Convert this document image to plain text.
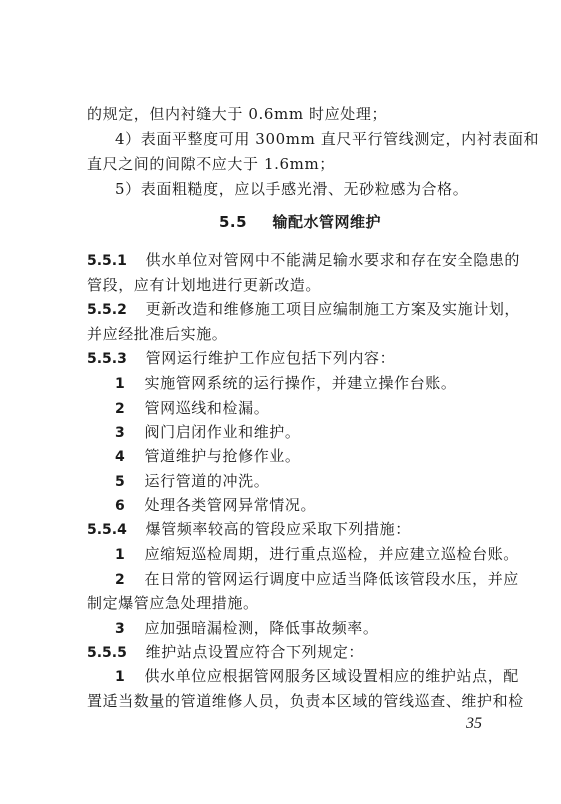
的规定，但内衬缝大于 0.6mm 时应处理；
4）表面平整度可用 300mm 直尺平行管线测定，内衬表面和
直尺之间的间隙不应大于 1.6mm；
5）表面粗糙度，应以手感光滑、无砂粒感为合格。
5.5 输配水管网维护
5.5.1 供水单位对管网中不能满足输水要求和存在安全隐患的
管段，应有计划地进行更新改造。
5.5.2 更新改造和维修施工项目应编制施工方案及实施计划，
并应经批准后实施。
5.5.3 管网运行维护工作应包括下列内容：
1 实施管网系统的运行操作，并建立操作台账。
2 管网巡线和检漏。
3 阀门启闭作业和维护。
4 管道维护与抢修作业。
5 运行管道的冲洗。
6 处理各类管网异常情况。
5.5.4 爆管频率较高的管段应采取下列措施：
1 应缩短巡检周期，进行重点巡检，并应建立巡检台账。
2 在日常的管网运行调度中应适当降低该管段水压，并应
制定爆管应急处理措施。
3 应加强暗漏检测，降低事故频率。
5.5.5 维护站点设置应符合下列规定：
1 供水单位应根据管网服务区域设置相应的维护站点，配
置适当数量的管道维修人员，负责本区域的管线巡查、维护和检
35
